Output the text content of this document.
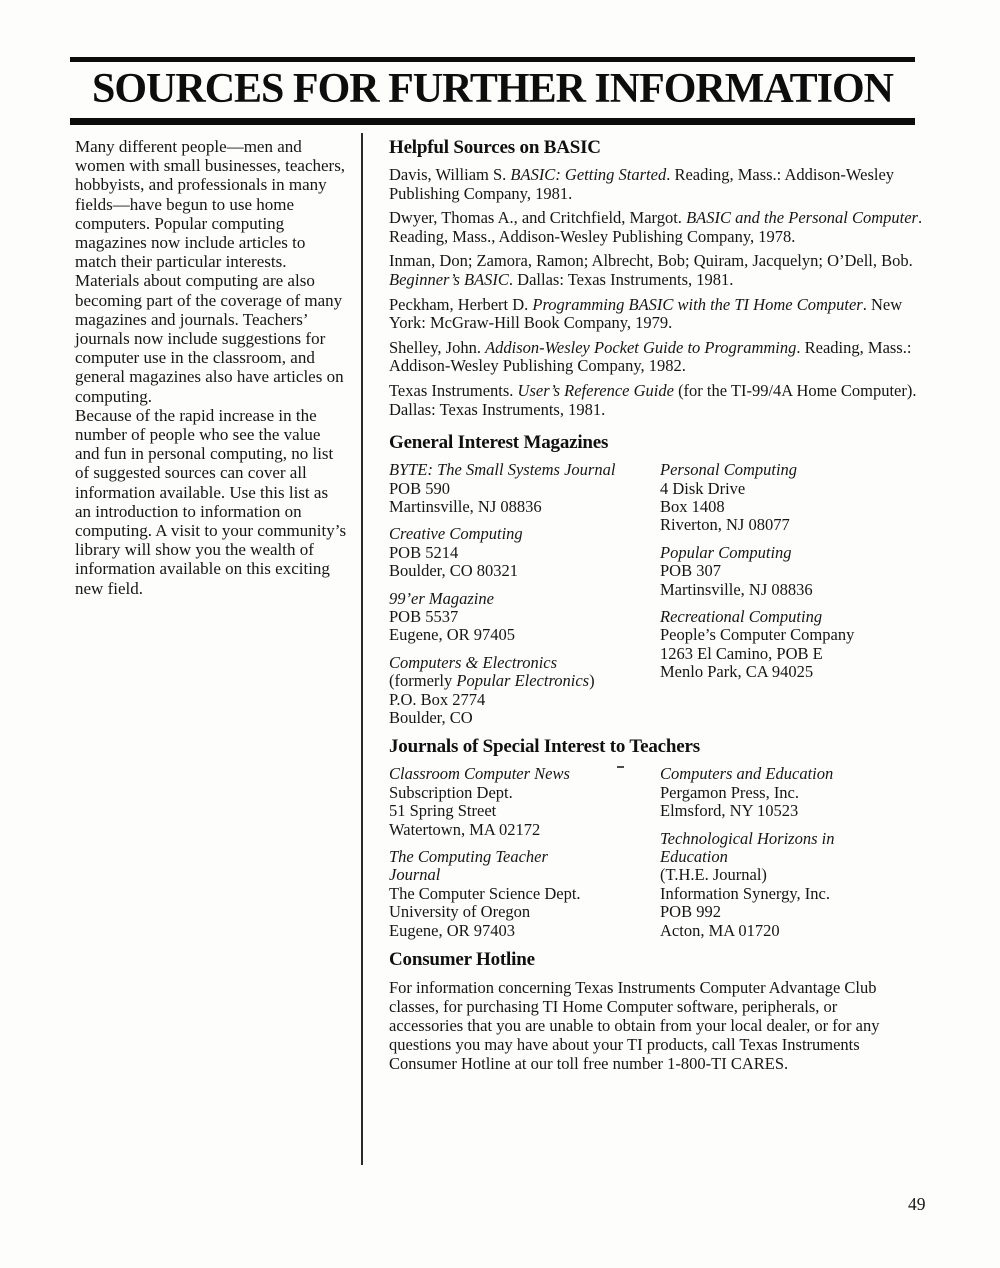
SOURCES FOR FURTHER INFORMATION

Many different people—men and women with small businesses, teachers, hobbyists, and professionals in many fields—have begun to use home computers. Popular computing magazines now include articles to match their particular interests. Materials about computing are also becoming part of the coverage of many magazines and journals. Teachers’ journals now include suggestions for computer use in the classroom, and general magazines also have articles on computing.

Because of the rapid increase in the number of people who see the value and fun in personal computing, no list of suggested sources can cover all information available. Use this list as an introduction to information on computing. A visit to your community’s library will show you the wealth of information available on this exciting new field.

Helpful Sources on BASIC

Davis, William S. BASIC: Getting Started. Reading, Mass.: Addison-Wesley Publishing Company, 1981.

Dwyer, Thomas A., and Critchfield, Margot. BASIC and the Personal Computer. Reading, Mass., Addison-Wesley Publishing Company, 1978.

Inman, Don; Zamora, Ramon; Albrecht, Bob; Quiram, Jacquelyn; O’Dell, Bob. Beginner’s BASIC. Dallas: Texas Instruments, 1981.

Peckham, Herbert D. Programming BASIC with the TI Home Computer. New York: McGraw-Hill Book Company, 1979.

Shelley, John. Addison-Wesley Pocket Guide to Programming. Reading, Mass.: Addison-Wesley Publishing Company, 1982.

Texas Instruments. User’s Reference Guide (for the TI-99/4A Home Computer). Dallas: Texas Instruments, 1981.

General Interest Magazines
BYTE: The Small Systems Journal
POB 590
Martinsville, NJ 08836
Creative Computing
POB 5214
Boulder, CO 80321
99’er Magazine
POB 5537
Eugene, OR 97405
Computers & Electronics
(formerly Popular Electronics)
P.O. Box 2774
Boulder, CO
Personal Computing
4 Disk Drive
Box 1408
Riverton, NJ 08077
Popular Computing
POB 307
Martinsville, NJ 08836
Recreational Computing
People’s Computer Company
1263 El Camino, POB E
Menlo Park, CA 94025
Journals of Special Interest to Teachers
Classroom Computer News
Subscription Dept.
51 Spring Street
Watertown, MA 02172
The Computing Teacher
Journal
The Computer Science Dept.
University of Oregon
Eugene, OR 97403
Computers and Education
Pergamon Press, Inc.
Elmsford, NY 10523
Technological Horizons in
Education
(T.H.E. Journal)
Information Synergy, Inc.
POB 992
Acton, MA 01720
Consumer Hotline

For information concerning Texas Instruments Computer Advantage Club classes, for purchasing TI Home Computer software, peripherals, or accessories that you are unable to obtain from your local dealer, or for any questions you may have about your TI products, call Texas Instruments Consumer Hotline at our toll free number 1-800-TI CARES.

49
